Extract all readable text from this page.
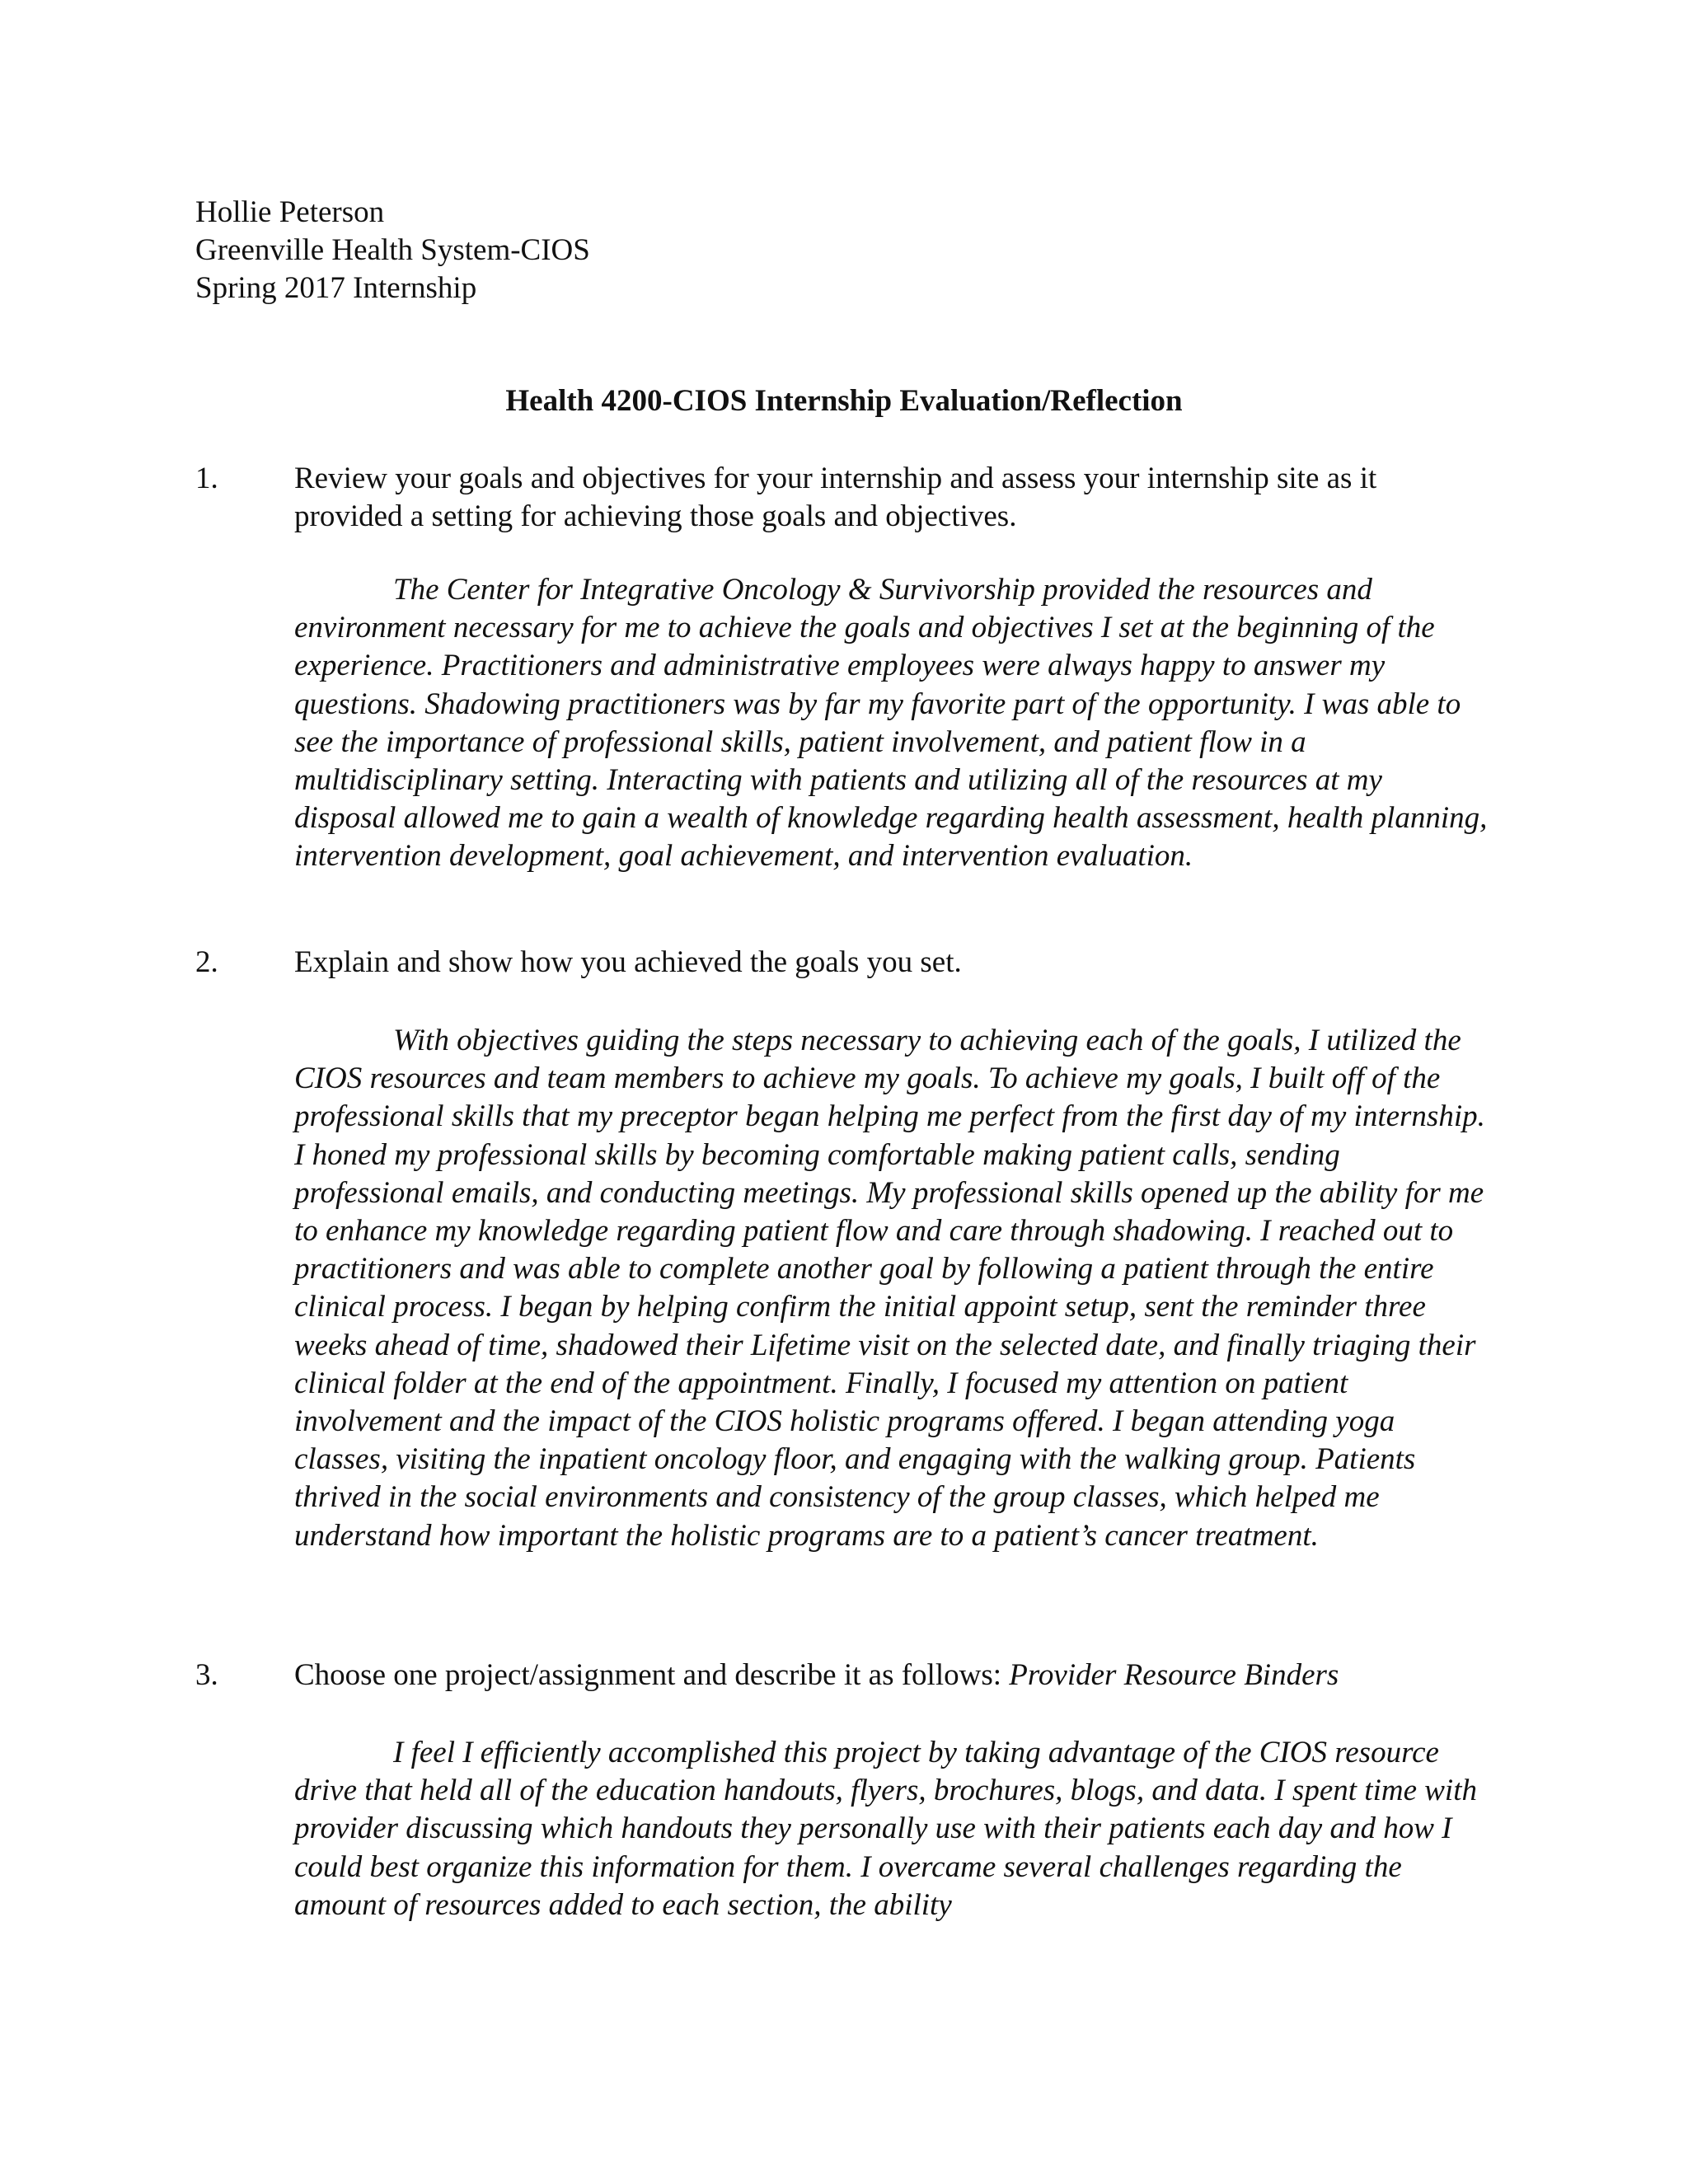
Hollie Peterson
Greenville Health System-CIOS
Spring 2017 Internship
Health 4200-CIOS Internship Evaluation/Reflection
1. Review your goals and objectives for your internship and assess your internship site as it provided a setting for achieving those goals and objectives.

The Center for Integrative Oncology & Survivorship provided the resources and environment necessary for me to achieve the goals and objectives I set at the beginning of the experience. Practitioners and administrative employees were always happy to answer my questions. Shadowing practitioners was by far my favorite part of the opportunity. I was able to see the importance of professional skills, patient involvement, and patient flow in a multidisciplinary setting. Interacting with patients and utilizing all of the resources at my disposal allowed me to gain a wealth of knowledge regarding health assessment, health planning, intervention development, goal achievement, and intervention evaluation.

2. Explain and show how you achieved the goals you set.

With objectives guiding the steps necessary to achieving each of the goals, I utilized the CIOS resources and team members to achieve my goals. To achieve my goals, I built off of the professional skills that my preceptor began helping me perfect from the first day of my internship. I honed my professional skills by becoming comfortable making patient calls, sending professional emails, and conducting meetings. My professional skills opened up the ability for me to enhance my knowledge regarding patient flow and care through shadowing. I reached out to practitioners and was able to complete another goal by following a patient through the entire clinical process. I began by helping confirm the initial appoint setup, sent the reminder three weeks ahead of time, shadowed their Lifetime visit on the selected date, and finally triaging their clinical folder at the end of the appointment. Finally, I focused my attention on patient involvement and the impact of the CIOS holistic programs offered. I began attending yoga classes, visiting the inpatient oncology floor, and engaging with the walking group. Patients thrived in the social environments and consistency of the group classes, which helped me understand how important the holistic programs are to a patient’s cancer treatment.

3. Choose one project/assignment and describe it as follows: Provider Resource Binders

I feel I efficiently accomplished this project by taking advantage of the CIOS resource drive that held all of the education handouts, flyers, brochures, blogs, and data. I spent time with provider discussing which handouts they personally use with their patients each day and how I could best organize this information for them. I overcame several challenges regarding the amount of resources added to each section, the ability
